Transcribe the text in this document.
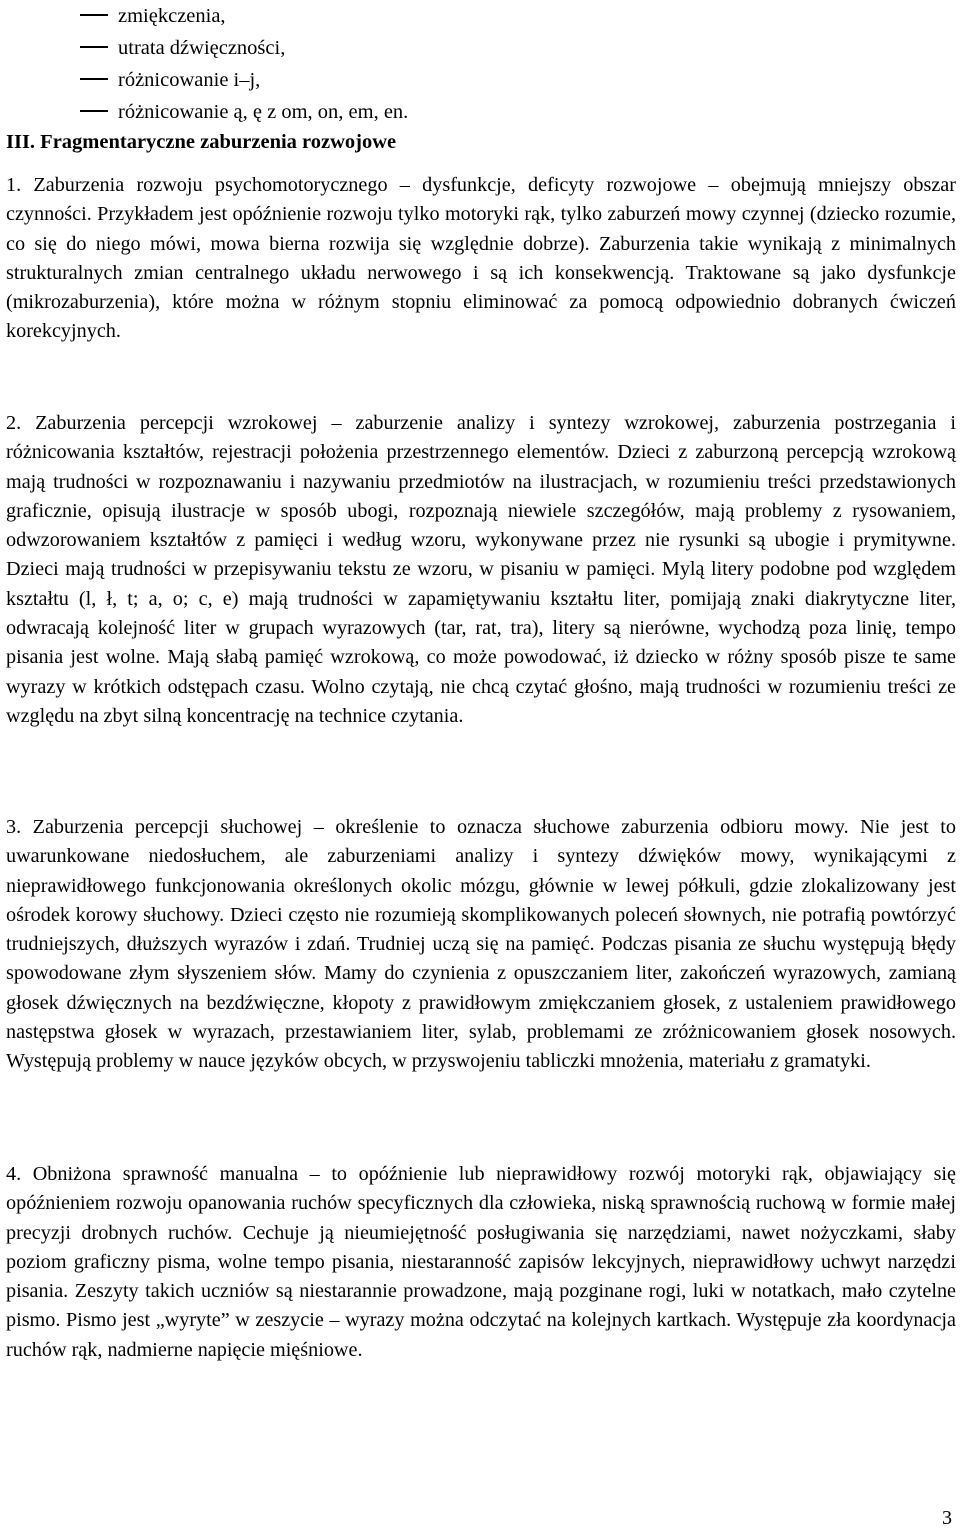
zmiękczenia,
utrata dźwięczności,
różnicowanie i–j,
różnicowanie ą, ę z om, on, em, en.
III. Fragmentaryczne zaburzenia rozwojowe

1. Zaburzenia rozwoju psychomotorycznego – dysfunkcje, deficyty rozwojowe – obejmują mniejszy obszar czynności. Przykładem jest opóźnienie rozwoju tylko motoryki rąk, tylko zaburzeń mowy czynnej (dziecko rozumie, co się do niego mówi, mowa bierna rozwija się względnie dobrze). Zaburzenia takie wynikają z minimalnych strukturalnych zmian centralnego układu nerwowego i są ich konsekwencją. Traktowane są jako dysfunkcje (mikrozaburzenia), które można w różnym stopniu eliminować za pomocą odpowiednio dobranych ćwiczeń korekcyjnych.

2. Zaburzenia percepcji wzrokowej – zaburzenie analizy i syntezy wzrokowej, zaburzenia postrzegania i różnicowania kształtów, rejestracji położenia przestrzennego elementów. Dzieci z zaburzoną percepcją wzrokową mają trudności w rozpoznawaniu i nazywaniu przedmiotów na ilustracjach, w rozumieniu treści przedstawionych graficznie, opisują ilustracje w sposób ubogi, rozpoznają niewiele szczegółów, mają problemy z rysowaniem, odwzorowaniem kształtów z pamięci i według wzoru, wykonywane przez nie rysunki są ubogie i prymitywne. Dzieci mają trudności w przepisywaniu tekstu ze wzoru, w pisaniu w pamięci. Mylą litery podobne pod względem kształtu (l, ł, t; a, o; c, e) mają trudności w zapamiętywaniu kształtu liter, pomijają znaki diakrytyczne liter, odwracają kolejność liter w grupach wyrazowych (tar, rat, tra), litery są nierówne, wychodzą poza linię, tempo pisania jest wolne. Mają słabą pamięć wzrokową, co może powodować, iż dziecko w różny sposób pisze te same wyrazy w krótkich odstępach czasu. Wolno czytają, nie chcą czytać głośno, mają trudności w rozumieniu treści ze względu na zbyt silną koncentrację na technice czytania.

3. Zaburzenia percepcji słuchowej – określenie to oznacza słuchowe zaburzenia odbioru mowy. Nie jest to uwarunkowane niedosłuchem, ale zaburzeniami analizy i syntezy dźwięków mowy, wynikającymi z nieprawidłowego funkcjonowania określonych okolic mózgu, głównie w lewej półkuli, gdzie zlokalizowany jest ośrodek korowy słuchowy. Dzieci często nie rozumieją skomplikowanych poleceń słownych, nie potrafią powtórzyć trudniejszych, dłuższych wyrazów i zdań. Trudniej uczą się na pamięć. Podczas pisania ze słuchu występują błędy spowodowane złym słyszeniem słów. Mamy do czynienia z opuszczaniem liter, zakończeń wyrazowych, zamianą głosek dźwięcznych na bezdźwięczne, kłopoty z prawidłowym zmiękczaniem głosek, z ustaleniem prawidłowego następstwa głosek w wyrazach, przestawianiem liter, sylab, problemami ze zróżnicowaniem głosek nosowych. Występują problemy w nauce języków obcych, w przyswojeniu tabliczki mnożenia, materiału z gramatyki.

4. Obniżona sprawność manualna – to opóźnienie lub nieprawidłowy rozwój motoryki rąk, objawiający się opóźnieniem rozwoju opanowania ruchów specyficznych dla człowieka, niską sprawnością ruchową w formie małej precyzji drobnych ruchów. Cechuje ją nieumiejętność posługiwania się narzędziami, nawet nożyczkami, słaby poziom graficzny pisma, wolne tempo pisania, niestaranność zapisów lekcyjnych, nieprawidłowy uchwyt narzędzi pisania. Zeszyty takich uczniów są niestarannie prowadzone, mają pozginane rogi, luki w notatkach, mało czytelne pismo. Pismo jest „wyryte” w zeszycie – wyrazy można odczytać na kolejnych kartkach. Występuje zła koordynacja ruchów rąk, nadmierne napięcie mięśniowe.

3
